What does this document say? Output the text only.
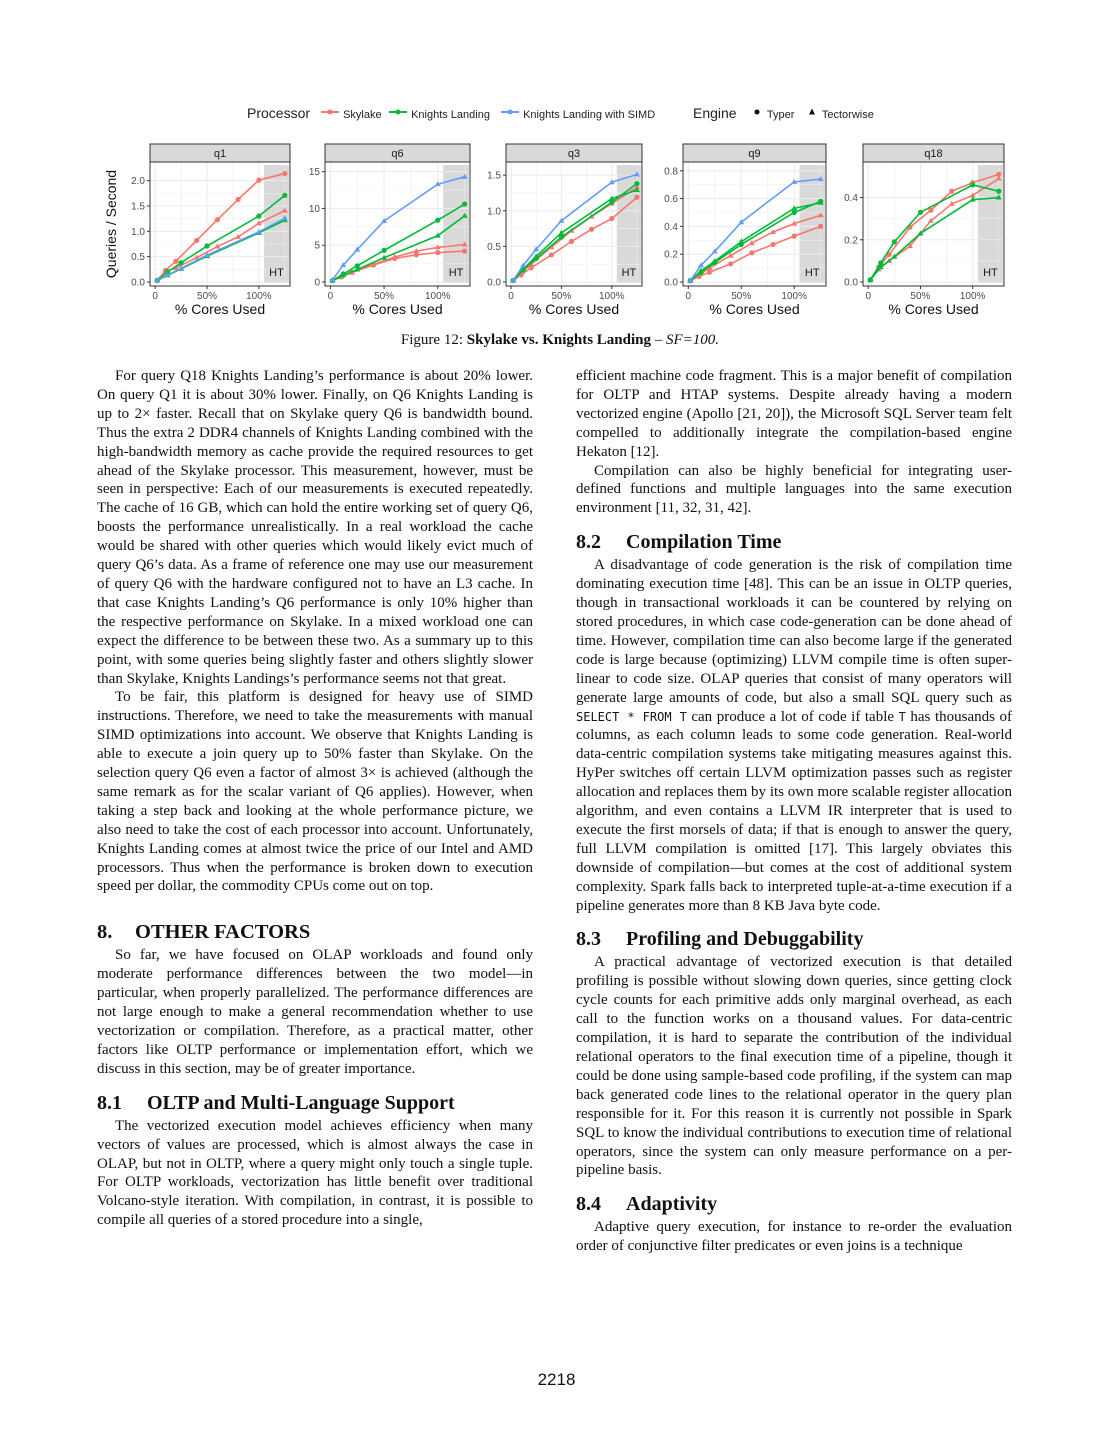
Processor	Skylake	Knights Landing	Knights Landing with SIMD	Engine	Typer	Tectorwise
q1
0.0
0.5
1.0
1.5
2.0
HT
0	50%	100%
% Cores Used
Queries / Second
q6
0
5
10
15
HT
0	50%	100%
% Cores Used
q3
0.0
0.5
1.0
1.5
HT
0	50%	100%
% Cores Used
q9
0.0
0.2
0.4
0.6
0.8
HT
0	50%	100%
% Cores Used
q18
0.0
0.2
0.4
HT
0	50%	100%
% Cores Used
Figure 12: Skylake vs. Knights Landing – SF=100.

For query Q18 Knights Landing’s performance is about 20% lower. On query Q1 it is about 30% lower. Finally, on Q6 Knights Landing is up to 2× faster. Recall that on Skylake query Q6 is bandwidth bound. Thus the extra 2 DDR4 channels of Knights Landing combined with the high-bandwidth memory as cache provide the required resources to get ahead of the Skylake processor. This measurement, however, must be seen in perspective: Each of our measurements is executed repeatedly. The cache of 16 GB, which can hold the entire working set of query Q6, boosts the performance unrealistically. In a real workload the cache would be shared with other queries which would likely evict much of query Q6’s data. As a frame of reference one may use our measurement of query Q6 with the hardware configured not to have an L3 cache. In that case Knights Landing’s Q6 performance is only 10% higher than the respective performance on Skylake. In a mixed workload one can expect the difference to be between these two. As a summary up to this point, with some queries being slightly faster and others slightly slower than Skylake, Knights Landings’s performance seems not that great.

To be fair, this platform is designed for heavy use of SIMD instructions. Therefore, we need to take the measurements with manual SIMD optimizations into account. We observe that Knights Landing is able to execute a join query up to 50% faster than Skylake. On the selection query Q6 even a factor of almost 3× is achieved (although the same remark as for the scalar variant of Q6 applies). However, when taking a step back and looking at the whole performance picture, we also need to take the cost of each processor into account. Unfortunately, Knights Landing comes at almost twice the price of our Intel and AMD processors. Thus when the performance is broken down to execution speed per dollar, the commodity CPUs come out on top.

8. OTHER FACTORS

So far, we have focused on OLAP workloads and found only moderate performance differences between the two model—in particular, when properly parallelized. The performance differences are not large enough to make a general recommendation whether to use vectorization or compilation. Therefore, as a practical matter, other factors like OLTP performance or implementation effort, which we discuss in this section, may be of greater importance.

8.1 OLTP and Multi-Language Support

The vectorized execution model achieves efficiency when many vectors of values are processed, which is almost always the case in OLAP, but not in OLTP, where a query might only touch a single tuple. For OLTP workloads, vectorization has little benefit over traditional Volcano-style iteration. With compilation, in contrast, it is possible to compile all queries of a stored procedure into a single,

efficient machine code fragment. This is a major benefit of compilation for OLTP and HTAP systems. Despite already having a modern vectorized engine (Apollo [21, 20]), the Microsoft SQL Server team felt compelled to additionally integrate the compilation-based engine Hekaton [12].

Compilation can also be highly beneficial for integrating user-defined functions and multiple languages into the same execution environment [11, 32, 31, 42].

8.2 Compilation Time

A disadvantage of code generation is the risk of compilation time dominating execution time [48]. This can be an issue in OLTP queries, though in transactional workloads it can be countered by relying on stored procedures, in which case code-generation can be done ahead of time. However, compilation time can also become large if the generated code is large because (optimizing) LLVM compile time is often super-linear to code size. OLAP queries that consist of many operators will generate large amounts of code, but also a small SQL query such as SELECT * FROM T can produce a lot of code if table T has thousands of columns, as each column leads to some code generation. Real-world data-centric compilation systems take mitigating measures against this. HyPer switches off certain LLVM optimization passes such as register allocation and replaces them by its own more scalable register allocation algorithm, and even contains a LLVM IR interpreter that is used to execute the first morsels of data; if that is enough to answer the query, full LLVM compilation is omitted [17]. This largely obviates this downside of compilation—but comes at the cost of additional system complexity. Spark falls back to interpreted tuple-at-a-time execution if a pipeline generates more than 8 KB Java byte code.

8.3 Profiling and Debuggability

A practical advantage of vectorized execution is that detailed profiling is possible without slowing down queries, since getting clock cycle counts for each primitive adds only marginal overhead, as each call to the function works on a thousand values. For data-centric compilation, it is hard to separate the contribution of the individual relational operators to the final execution time of a pipeline, though it could be done using sample-based code profiling, if the system can map back generated code lines to the relational operator in the query plan responsible for it. For this reason it is currently not possible in Spark SQL to know the individual contributions to execution time of relational operators, since the system can only measure performance on a per-pipeline basis.

8.4 Adaptivity

Adaptive query execution, for instance to re-order the evaluation order of conjunctive filter predicates or even joins is a technique

2218
